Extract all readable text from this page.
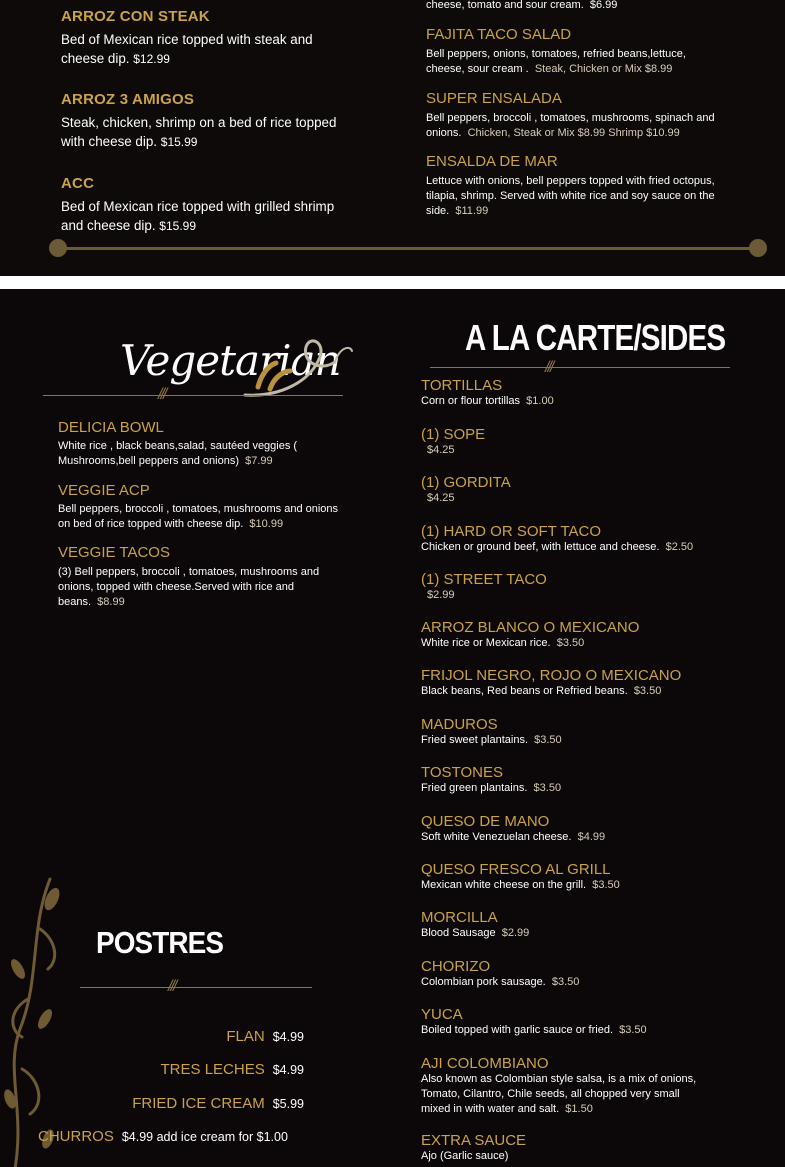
ARROZ CON STEAK
Bed of Mexican rice topped with steak and
cheese dip. $12.99
ARROZ 3 AMIGOS
Steak, chicken, shrimp on a bed of rice topped
with cheese dip. $15.99
ACC
Bed of Mexican rice topped with grilled shrimp
and cheese dip. $15.99
cheese, tomato and sour cream. $6.99
FAJITA TACO SALAD
Bell peppers, onions, tomatoes, refried beans,lettuce,
cheese, sour cream . Steak, Chicken or Mix $8.99
SUPER ENSALADA
Bell peppers, broccoli , tomatoes, mushrooms, spinach and
onions. Chicken, Steak or Mix $8.99 Shrimp $10.99
ENSALDA DE MAR
Lettuce with onions, bell peppers topped with fried octopus,
tilapia, shrimp. Served with white rice and soy sauce on the
side. $11.99
Vegetarian
///
DELICIA BOWL
White rice , black beans,salad, sautéed veggies (
Mushrooms,bell peppers and onions) $7.99
VEGGIE ACP
Bell peppers, broccoli , tomatoes, mushrooms and onions
on bed of rice topped with cheese dip. $10.99
VEGGIE TACOS
(3) Bell peppers, broccoli , tomatoes, mushrooms and
onions, topped with cheese.Served with rice and
beans. $8.99
POSTRES
///
FLAN $4.99
TRES LECHES $4.99
FRIED ICE CREAM $5.99
CHURROS $4.99 add ice cream for $1.00
A LA CARTE/SIDES
///
TORTILLAS
Corn or flour tortillas $1.00
(1) SOPE
$4.25
(1) GORDITA
$4.25
(1) HARD OR SOFT TACO
Chicken or ground beef, with lettuce and cheese. $2.50
(1) STREET TACO
$2.99
ARROZ BLANCO O MEXICANO
White rice or Mexican rice. $3.50
FRIJOL NEGRO, ROJO O MEXICANO
Black beans, Red beans or Refried beans. $3.50
MADUROS
Fried sweet plantains. $3.50
TOSTONES
Fried green plantains. $3.50
QUESO DE MANO
Soft white Venezuelan cheese. $4.99
QUESO FRESCO AL GRILL
Mexican white cheese on the grill. $3.50
MORCILLA
Blood Sausage $2.99
CHORIZO
Colombian pork sausage. $3.50
YUCA
Boiled topped with garlic sauce or fried. $3.50
AJI COLOMBIANO
Also known as Colombian style salsa, is a mix of onions,
Tomato, Cilantro, Chile seeds, all chopped very small
mixed in with water and salt. $1.50
EXTRA SAUCE
Ajo (Garlic sauce)
